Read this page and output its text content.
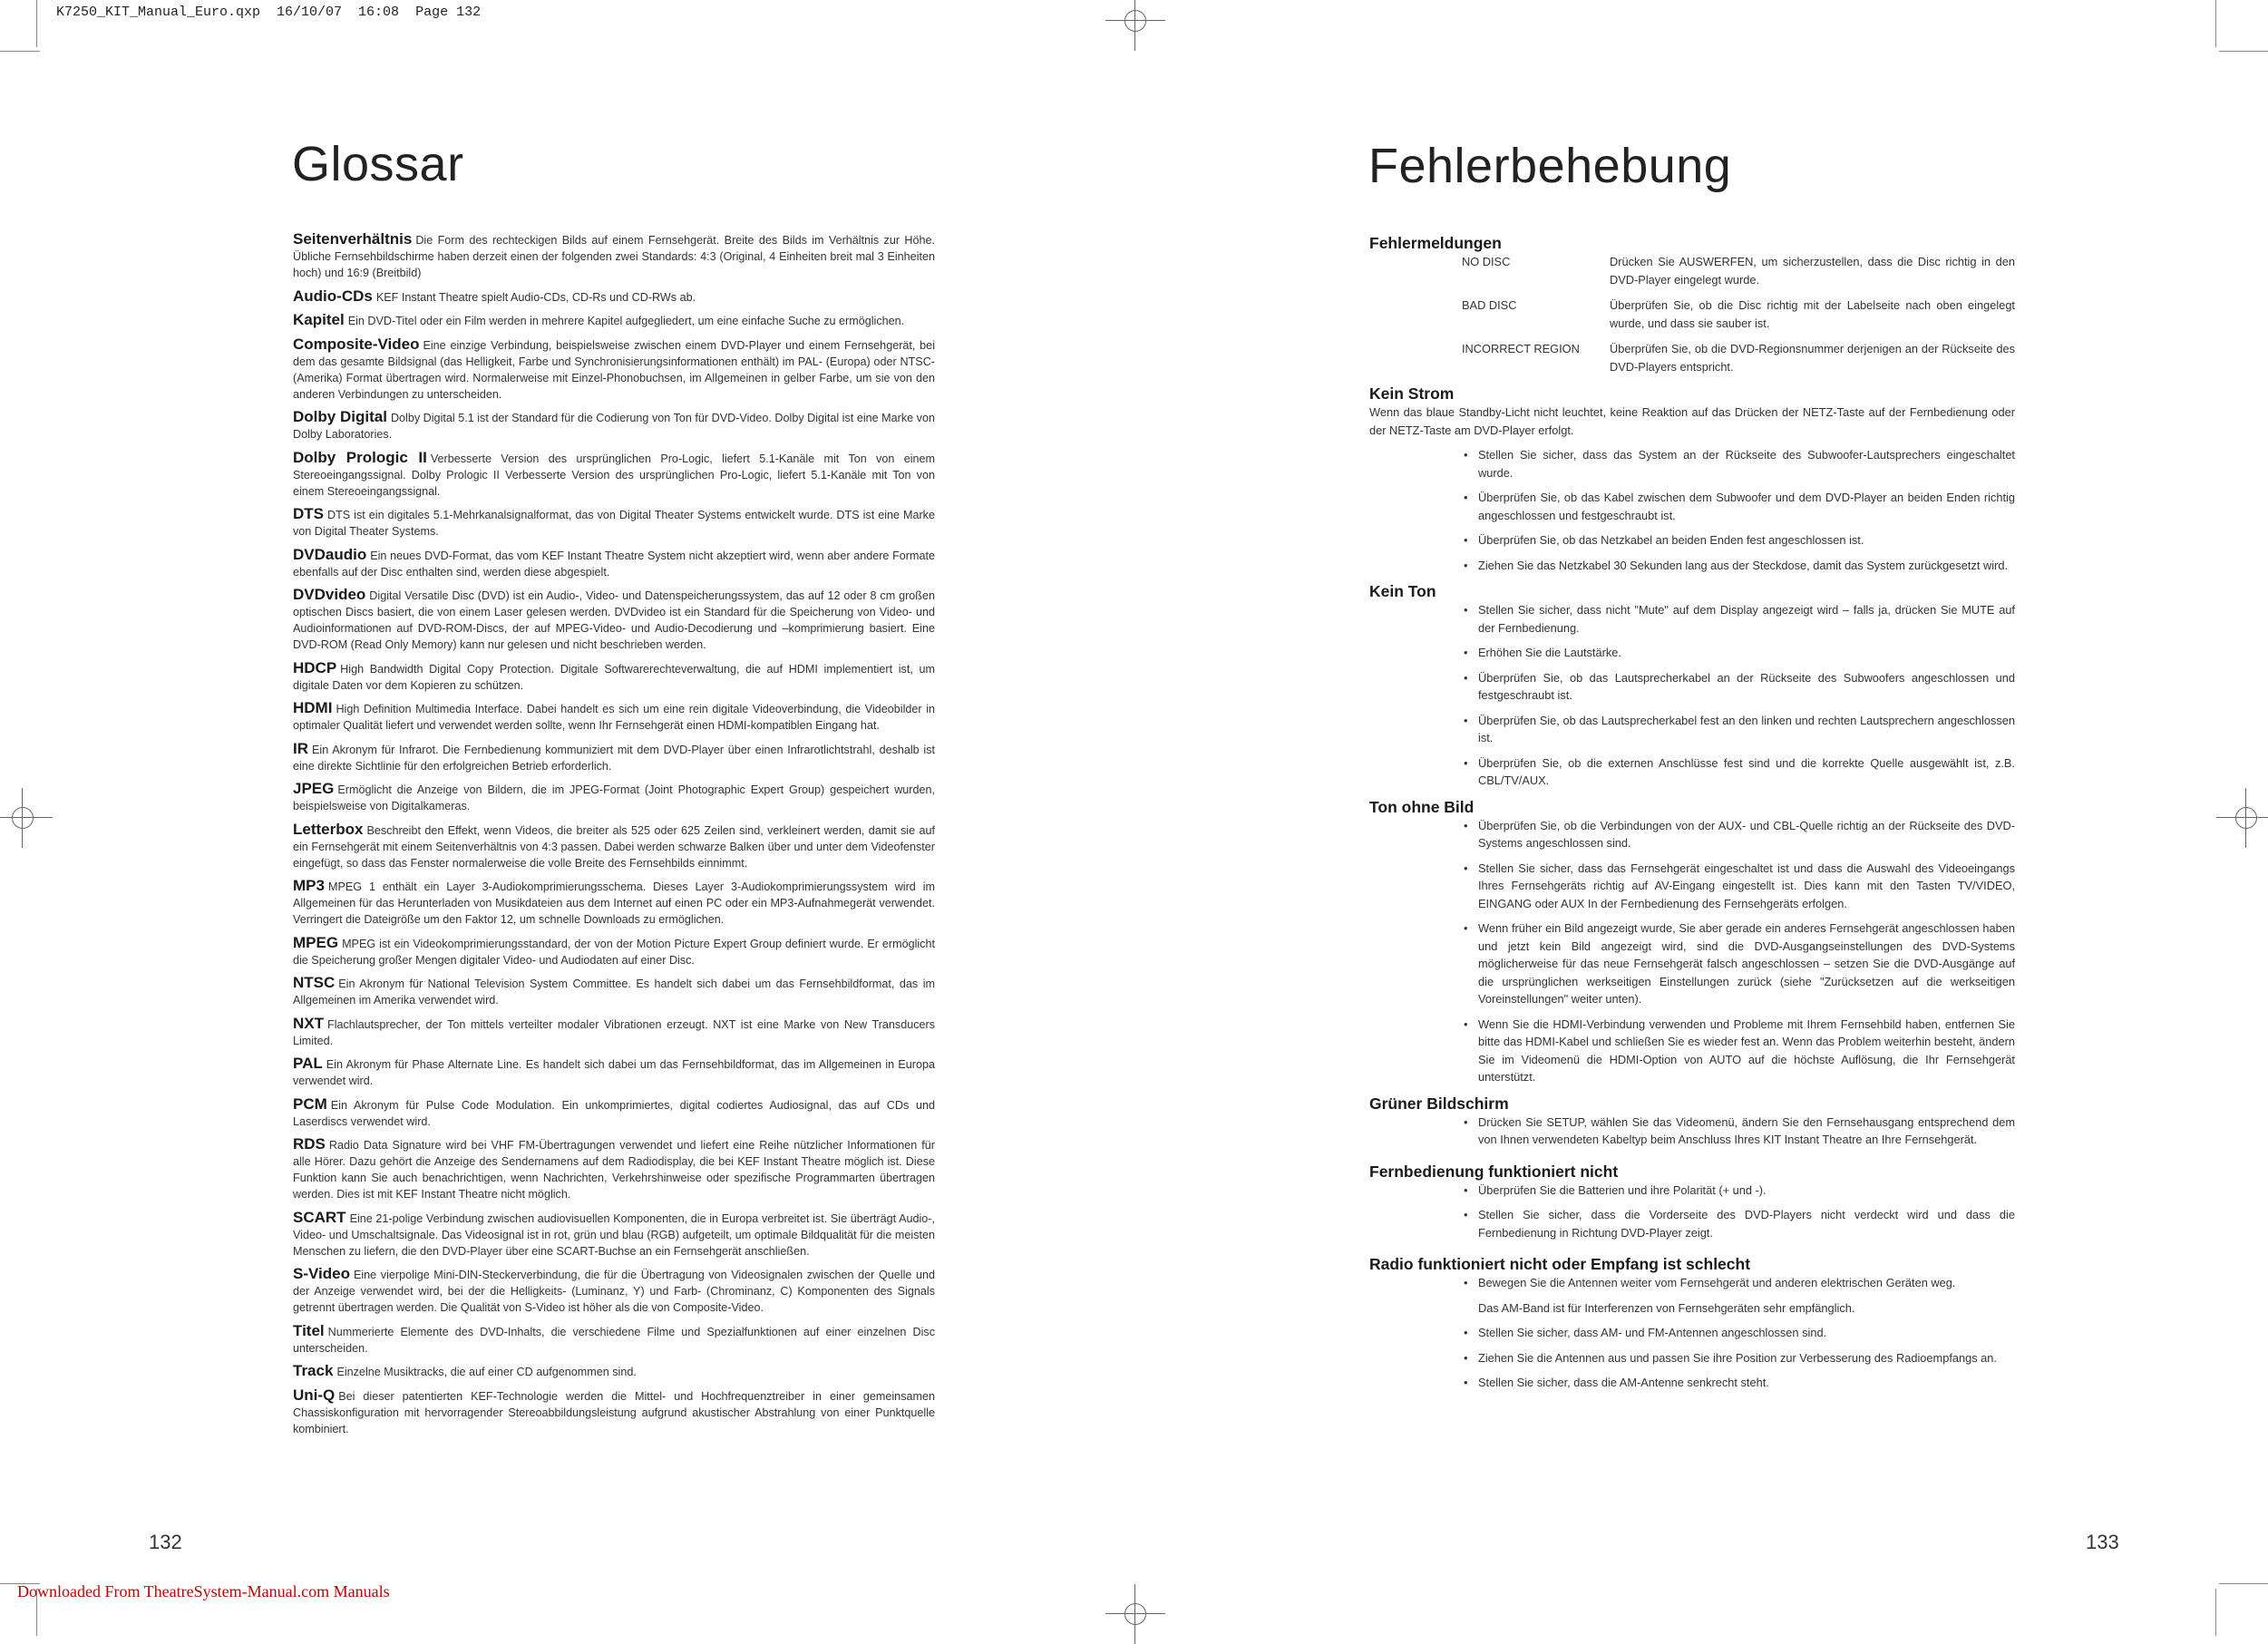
K7250_KIT_Manual_Euro.qxp  16/10/07  16:08  Page 132
Glossar

Seitenverhältnis Die Form des rechteckigen Bilds auf einem Fernsehgerät. Breite des Bilds im Verhältnis zur Höhe. Übliche Fernsehbildschirme haben derzeit einen der folgenden zwei Standards: 4:3 (Original, 4 Einheiten breit mal 3 Einheiten hoch) und 16:9 (Breitbild)

Audio-CDs KEF Instant Theatre spielt Audio-CDs, CD-Rs und CD-RWs ab.

Kapitel Ein DVD-Titel oder ein Film werden in mehrere Kapitel aufgegliedert, um eine einfache Suche zu ermöglichen.

Composite-Video Eine einzige Verbindung, beispielsweise zwischen einem DVD-Player und einem Fernsehgerät, bei dem das gesamte Bildsignal (das Helligkeit, Farbe und Synchronisierungsinformationen enthält) im PAL- (Europa) oder NTSC- (Amerika) Format übertragen wird. Normalerweise mit Einzel-Phonobuchsen, im Allgemeinen in gelber Farbe, um sie von den anderen Verbindungen zu unterscheiden.

Dolby Digital Dolby Digital 5.1 ist der Standard für die Codierung von Ton für DVD-Video. Dolby Digital ist eine Marke von Dolby Laboratories.

Dolby Prologic II Verbesserte Version des ursprünglichen Pro-Logic, liefert 5.1-Kanäle mit Ton von einem Stereoeingangssignal. Dolby Prologic II Verbesserte Version des ursprünglichen Pro-Logic, liefert 5.1-Kanäle mit Ton von einem Stereoeingangssignal.

DTS DTS ist ein digitales 5.1-Mehrkanalsignalformat, das von Digital Theater Systems entwickelt wurde. DTS ist eine Marke von Digital Theater Systems.

DVDaudio Ein neues DVD-Format, das vom KEF Instant Theatre System nicht akzeptiert wird, wenn aber andere Formate ebenfalls auf der Disc enthalten sind, werden diese abgespielt.

DVDvideo Digital Versatile Disc (DVD) ist ein Audio-, Video- und Datenspeicherungssystem, das auf 12 oder 8 cm großen optischen Discs basiert, die von einem Laser gelesen werden. DVDvideo ist ein Standard für die Speicherung von Video- und Audioinformationen auf DVD-ROM-Discs, der auf MPEG-Video- und Audio-Decodierung und –komprimierung basiert. Eine DVD-ROM (Read Only Memory) kann nur gelesen und nicht beschrieben werden.

HDCP High Bandwidth Digital Copy Protection. Digitale Softwarerechteverwaltung, die auf HDMI implementiert ist, um digitale Daten vor dem Kopieren zu schützen.

HDMI High Definition Multimedia Interface. Dabei handelt es sich um eine rein digitale Videoverbindung, die Videobilder in optimaler Qualität liefert und verwendet werden sollte, wenn Ihr Fernsehgerät einen HDMI-kompatiblen Eingang hat.

IR Ein Akronym für Infrarot. Die Fernbedienung kommuniziert mit dem DVD-Player über einen Infrarotlichtstrahl, deshalb ist eine direkte Sichtlinie für den erfolgreichen Betrieb erforderlich.

JPEG Ermöglicht die Anzeige von Bildern, die im JPEG-Format (Joint Photographic Expert Group) gespeichert wurden, beispielsweise von Digitalkameras.

Letterbox Beschreibt den Effekt, wenn Videos, die breiter als 525 oder 625 Zeilen sind, verkleinert werden, damit sie auf ein Fernsehgerät mit einem Seitenverhältnis von 4:3 passen. Dabei werden schwarze Balken über und unter dem Videofenster eingefügt, so dass das Fenster normalerweise die volle Breite des Fernsehbilds einnimmt.

MP3 MPEG 1 enthält ein Layer 3-Audiokomprimierungsschema. Dieses Layer 3-Audiokomprimierungssystem wird im Allgemeinen für das Herunterladen von Musikdateien aus dem Internet auf einen PC oder ein MP3-Aufnahmegerät verwendet. Verringert die Dateigröße um den Faktor 12, um schnelle Downloads zu ermöglichen.

MPEG MPEG ist ein Videokomprimierungsstandard, der von der Motion Picture Expert Group definiert wurde. Er ermöglicht die Speicherung großer Mengen digitaler Video- und Audiodaten auf einer Disc.

NTSC Ein Akronym für National Television System Committee. Es handelt sich dabei um das Fernsehbildformat, das im Allgemeinen im Amerika verwendet wird.

NXT Flachlautsprecher, der Ton mittels verteilter modaler Vibrationen erzeugt. NXT ist eine Marke von New Transducers Limited.

PAL Ein Akronym für Phase Alternate Line. Es handelt sich dabei um das Fernsehbildformat, das im Allgemeinen in Europa verwendet wird.

PCM Ein Akronym für Pulse Code Modulation. Ein unkomprimiertes, digital codiertes Audiosignal, das auf CDs und Laserdiscs verwendet wird.

RDS Radio Data Signature wird bei VHF FM-Übertragungen verwendet und liefert eine Reihe nützlicher Informationen für alle Hörer. Dazu gehört die Anzeige des Sendernamens auf dem Radiodisplay, die bei KEF Instant Theatre möglich ist. Diese Funktion kann Sie auch benachrichtigen, wenn Nachrichten, Verkehrshinweise oder spezifische Programmarten übertragen werden. Dies ist mit KEF Instant Theatre nicht möglich.

SCART Eine 21-polige Verbindung zwischen audiovisuellen Komponenten, die in Europa verbreitet ist. Sie überträgt Audio-, Video- und Umschaltsignale. Das Videosignal ist in rot, grün und blau (RGB) aufgeteilt, um optimale Bildqualität für die meisten Menschen zu liefern, die den DVD-Player über eine SCART-Buchse an ein Fernsehgerät anschließen.

S-Video Eine vierpolige Mini-DIN-Steckerverbindung, die für die Übertragung von Videosignalen zwischen der Quelle und der Anzeige verwendet wird, bei der die Helligkeits- (Luminanz, Y) und Farb- (Chrominanz, C) Komponenten des Signals getrennt übertragen werden. Die Qualität von S-Video ist höher als die von Composite-Video.

Titel Nummerierte Elemente des DVD-Inhalts, die verschiedene Filme und Spezialfunktionen auf einer einzelnen Disc unterscheiden.

Track Einzelne Musiktracks, die auf einer CD aufgenommen sind.

Uni-Q Bei dieser patentierten KEF-Technologie werden die Mittel- und Hochfrequenztreiber in einer gemeinsamen Chassiskonfiguration mit hervorragender Stereoabbildungsleistung aufgrund akustischer Abstrahlung von einer Punktquelle kombiniert.

132
Fehlerbehebung
Fehlermeldungen
NO DISC	Drücken Sie AUSWERFEN, um sicherzustellen, dass die Disc richtig in den DVD-Player eingelegt wurde.
BAD DISC	Überprüfen Sie, ob die Disc richtig mit der Labelseite nach oben eingelegt wurde, und dass sie sauber ist.
INCORRECT REGION	Überprüfen Sie, ob die DVD-Regionsnummer derjenigen an der Rückseite des DVD-Players entspricht.
Kein Strom

Wenn das blaue Standby-Licht nicht leuchtet, keine Reaktion auf das Drücken der NETZ-Taste auf der Fernbedienung oder der NETZ-Taste am DVD-Player erfolgt.

• Stellen Sie sicher, dass das System an der Rückseite des Subwoofer-Lautsprechers eingeschaltet wurde.
• Überprüfen Sie, ob das Kabel zwischen dem Subwoofer und dem DVD-Player an beiden Enden richtig angeschlossen und festgeschraubt ist.
• Überprüfen Sie, ob das Netzkabel an beiden Enden fest angeschlossen ist.
• Ziehen Sie das Netzkabel 30 Sekunden lang aus der Steckdose, damit das System zurückgesetzt wird.
Kein Ton
• Stellen Sie sicher, dass nicht "Mute" auf dem Display angezeigt wird – falls ja, drücken Sie MUTE auf der Fernbedienung.
• Erhöhen Sie die Lautstärke.
• Überprüfen Sie, ob das Lautsprecherkabel an der Rückseite des Subwoofers angeschlossen und festgeschraubt ist.
• Überprüfen Sie, ob das Lautsprecherkabel fest an den linken und rechten Lautsprechern angeschlossen ist.
• Überprüfen Sie, ob die externen Anschlüsse fest sind und die korrekte Quelle ausgewählt ist, z.B. CBL/TV/AUX.
Ton ohne Bild
• Überprüfen Sie, ob die Verbindungen von der AUX- und CBL-Quelle richtig an der Rückseite des DVD-Systems angeschlossen sind.
• Stellen Sie sicher, dass das Fernsehgerät eingeschaltet ist und dass die Auswahl des Videoeingangs Ihres Fernsehgeräts richtig auf AV-Eingang eingestellt ist. Dies kann mit den Tasten TV/VIDEO, EINGANG oder AUX In der Fernbedienung des Fernsehgeräts erfolgen.
• Wenn früher ein Bild angezeigt wurde, Sie aber gerade ein anderes Fernsehgerät angeschlossen haben und jetzt kein Bild angezeigt wird, sind die DVD-Ausgangseinstellungen des DVD-Systems möglicherweise für das neue Fernsehgerät falsch angeschlossen – setzen Sie die DVD-Ausgänge auf die ursprünglichen werkseitigen Einstellungen zurück (siehe "Zurücksetzen auf die werkseitigen Voreinstellungen" weiter unten).
• Wenn Sie die HDMI-Verbindung verwenden und Probleme mit Ihrem Fernsehbild haben, entfernen Sie bitte das HDMI-Kabel und schließen Sie es wieder fest an. Wenn das Problem weiterhin besteht, ändern Sie im Videomenü die HDMI-Option von AUTO auf die höchste Auflösung, die Ihr Fernsehgerät unterstützt.
Grüner Bildschirm
• Drücken Sie SETUP, wählen Sie das Videomenü, ändern Sie den Fernsehausgang entsprechend dem von Ihnen verwendeten Kabeltyp beim Anschluss Ihres KIT Instant Theatre an Ihre Fernsehgerät.
Fernbedienung funktioniert nicht
• Überprüfen Sie die Batterien und ihre Polarität (+ und -).
• Stellen Sie sicher, dass die Vorderseite des DVD-Players nicht verdeckt wird und dass die Fernbedienung in Richtung DVD-Player zeigt.
Radio funktioniert nicht oder Empfang ist schlecht
• Bewegen Sie die Antennen weiter vom Fernsehgerät und anderen elektrischen Geräten weg.
Das AM-Band ist für Interferenzen von Fernsehgeräten sehr empfänglich.
• Stellen Sie sicher, dass AM- und FM-Antennen angeschlossen sind.
• Ziehen Sie die Antennen aus und passen Sie ihre Position zur Verbesserung des Radioempfangs an.
• Stellen Sie sicher, dass die AM-Antenne senkrecht steht.
133
Downloaded From TheatreSystem-Manual.com Manuals
